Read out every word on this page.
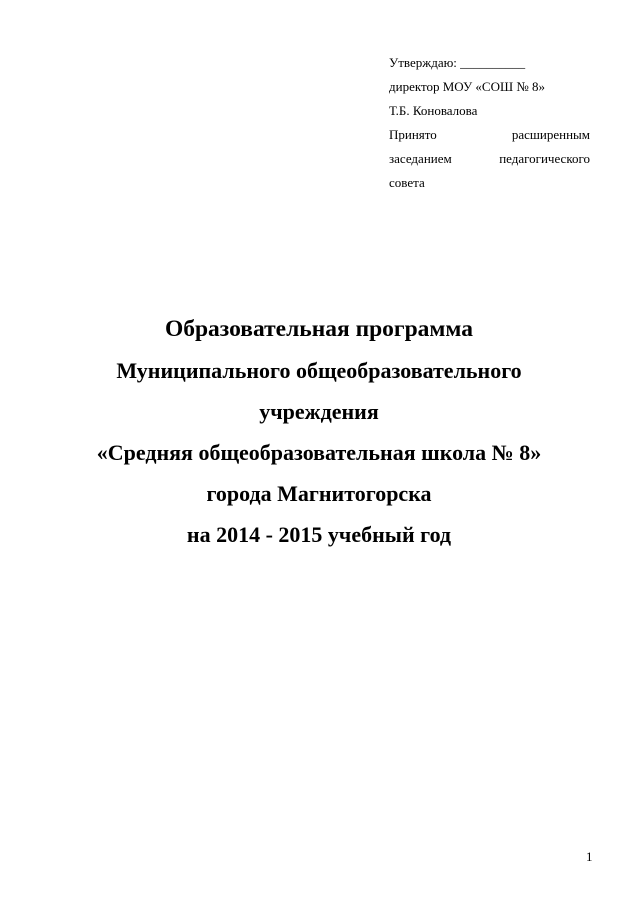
Утверждаю: __________
директор МОУ «СОШ № 8»
Т.Б. Коновалова
Принято	расширенным
заседанием	педагогического
совета
Образовательная программа
Муниципального общеобразовательного
учреждения
«Средняя общеобразовательная школа № 8»
города Магнитогорска
на 2014 - 2015 учебный год
1
